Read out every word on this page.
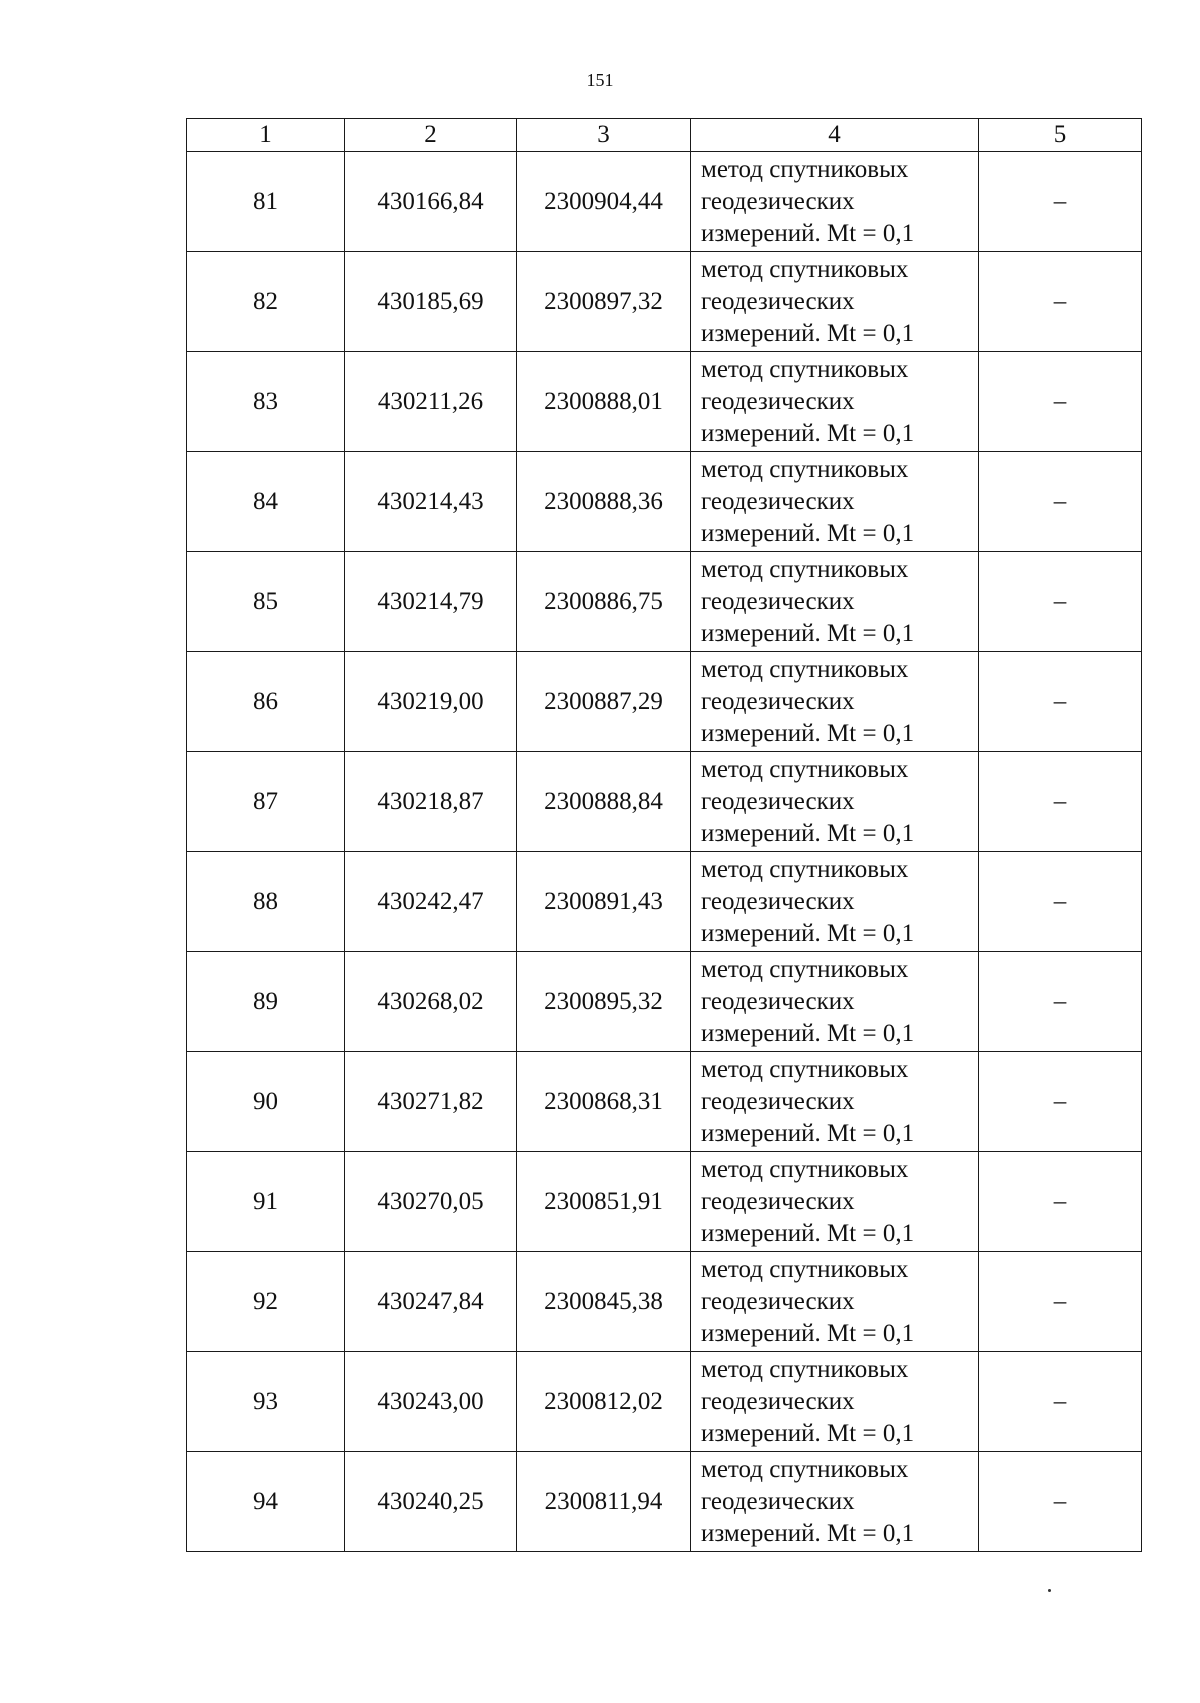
151
1	2	3	4	5
81	430166,84	2300904,44	метод спутниковых
геодезических
измерений. Mt = 0,1	–
82	430185,69	2300897,32	метод спутниковых
геодезических
измерений. Mt = 0,1	–
83	430211,26	2300888,01	метод спутниковых
геодезических
измерений. Mt = 0,1	–
84	430214,43	2300888,36	метод спутниковых
геодезических
измерений. Mt = 0,1	–
85	430214,79	2300886,75	метод спутниковых
геодезических
измерений. Mt = 0,1	–
86	430219,00	2300887,29	метод спутниковых
геодезических
измерений. Mt = 0,1	–
87	430218,87	2300888,84	метод спутниковых
геодезических
измерений. Mt = 0,1	–
88	430242,47	2300891,43	метод спутниковых
геодезических
измерений. Mt = 0,1	–
89	430268,02	2300895,32	метод спутниковых
геодезических
измерений. Mt = 0,1	–
90	430271,82	2300868,31	метод спутниковых
геодезических
измерений. Mt = 0,1	–
91	430270,05	2300851,91	метод спутниковых
геодезических
измерений. Mt = 0,1	–
92	430247,84	2300845,38	метод спутниковых
геодезических
измерений. Mt = 0,1	–
93	430243,00	2300812,02	метод спутниковых
геодезических
измерений. Mt = 0,1	–
94	430240,25	2300811,94	метод спутниковых
геодезических
измерений. Mt = 0,1	–
